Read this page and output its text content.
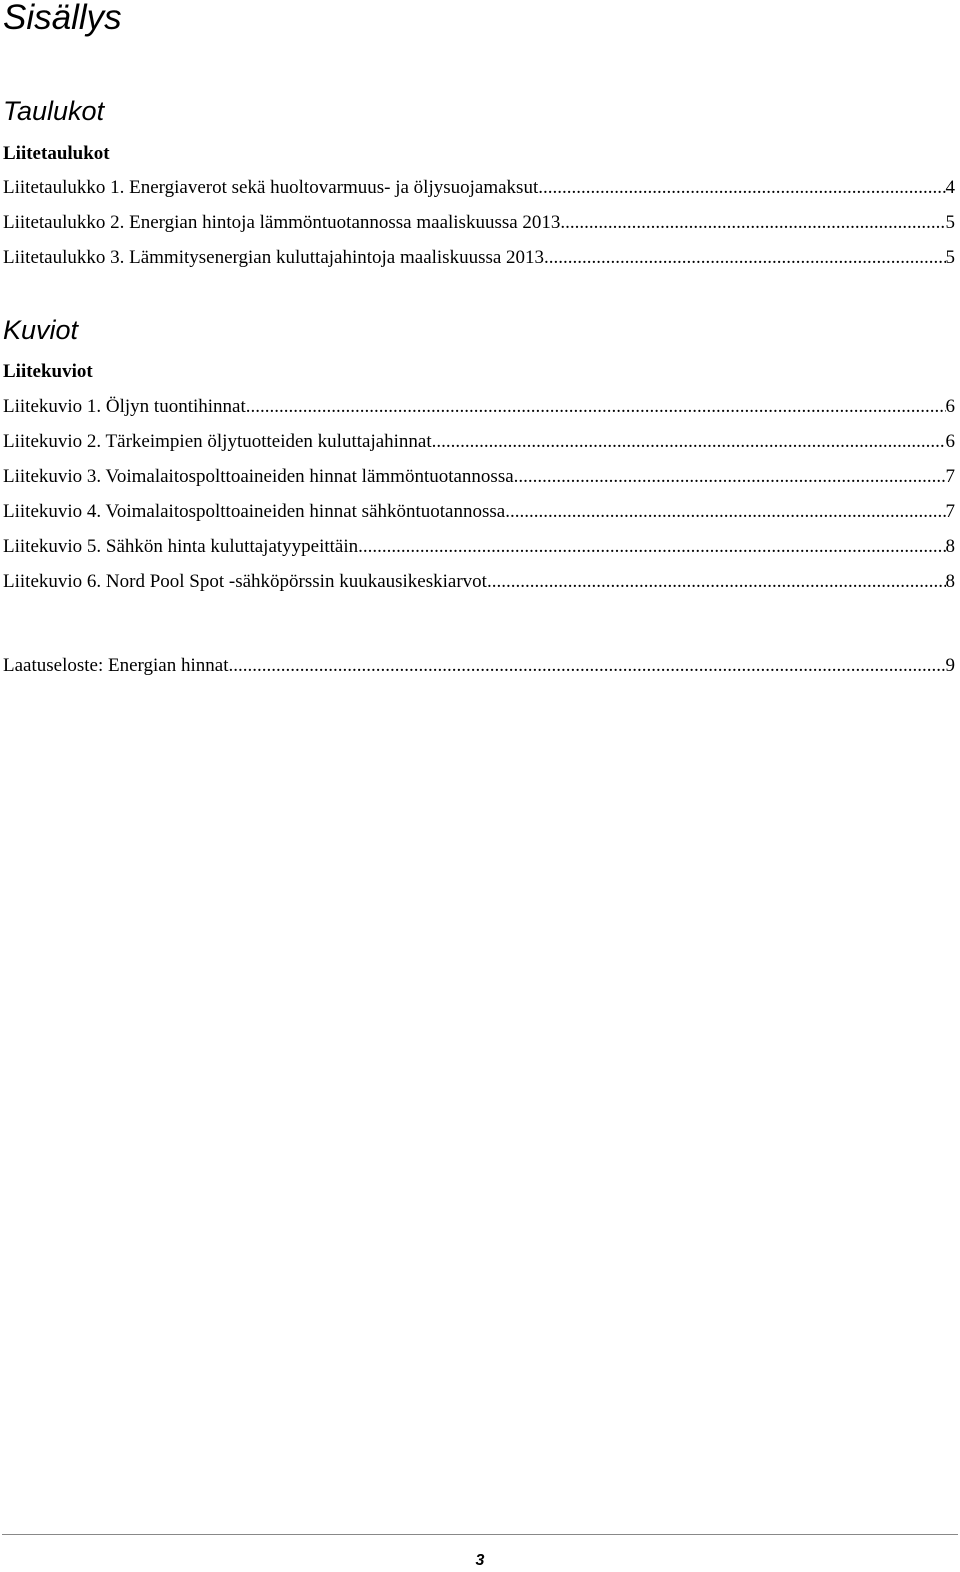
Sisällys
Taulukot
Liitetaulukot
Liitetaulukko 1. Energiaverot sekä huoltovarmuus- ja öljysuojamaksut .....	4
Liitetaulukko 2. Energian hintoja lämmöntuotannossa maaliskuussa 2013. .....	5
Liitetaulukko 3. Lämmitysenergian kuluttajahintoja maaliskuussa 2013. .....	5
Kuviot
Liitekuviot
Liitekuvio 1. Öljyn tuontihinnat .....	6
Liitekuvio 2. Tärkeimpien öljytuotteiden kuluttajahinnat .....	6
Liitekuvio 3. Voimalaitospolttoaineiden hinnat lämmöntuotannossa .....	7
Liitekuvio 4. Voimalaitospolttoaineiden hinnat sähköntuotannossa .....	7
Liitekuvio 5. Sähkön hinta kuluttajatyypeittäin .....	8
Liitekuvio 6. Nord Pool Spot -sähköpörssin kuukausikeskiarvot .....	8
Laatuseloste: Energian hinnat .....	9
3
